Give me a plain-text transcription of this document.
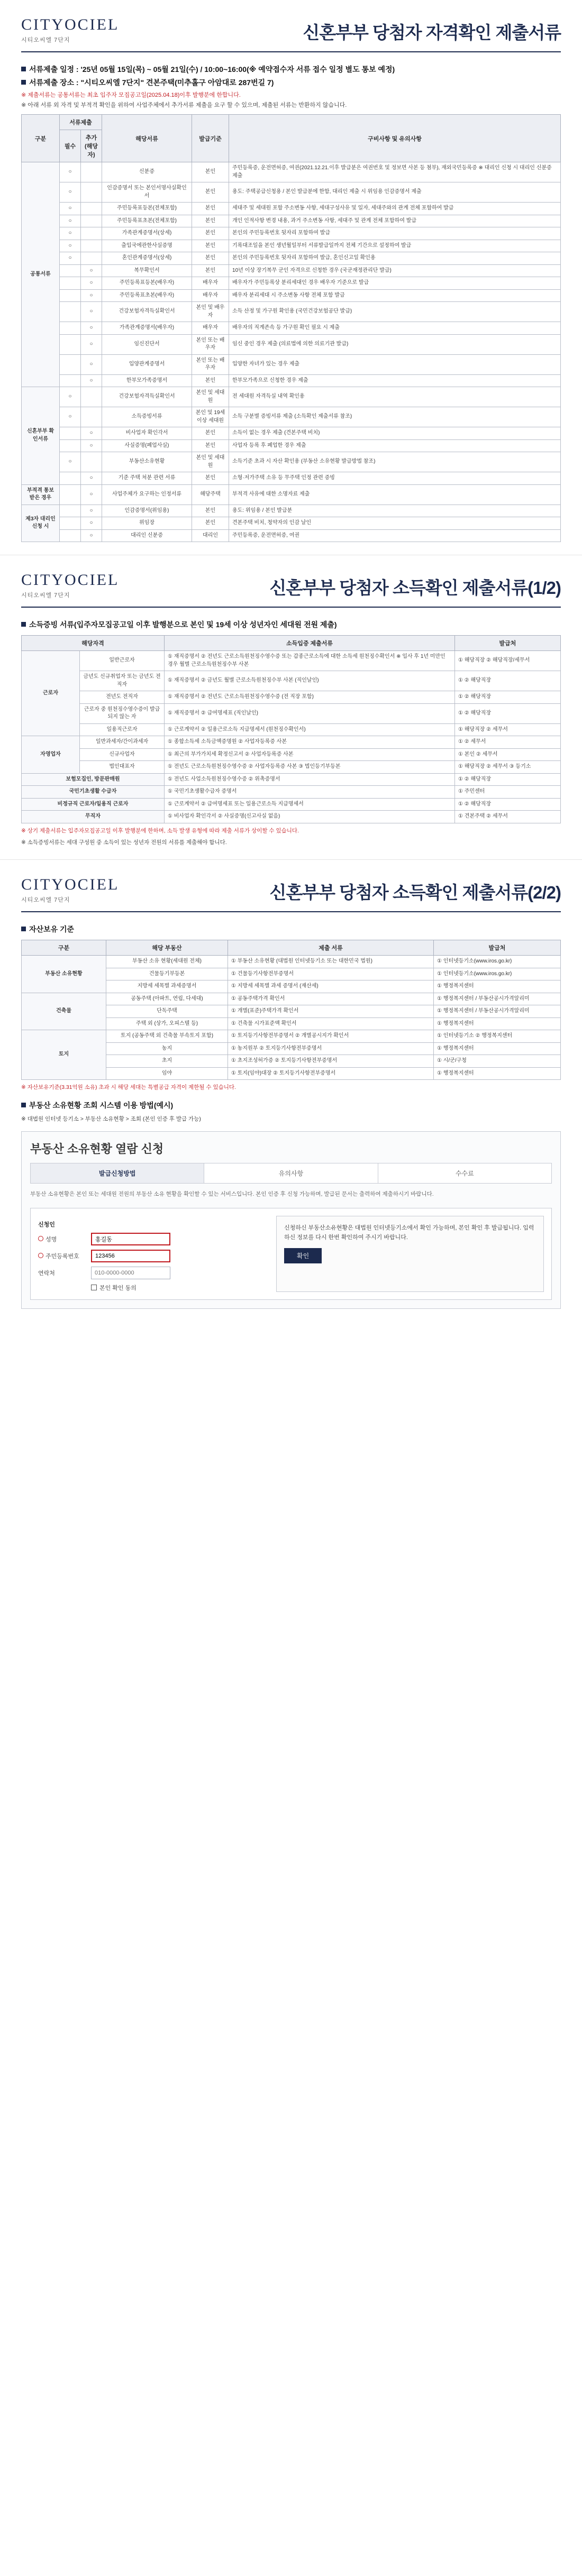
CITYOCIEL
시티오씨엘 7단지	신혼부부 당첨자 자격확인 제출서류
서류제출 일정 : '25년 05월 15일(목) ~ 05월 21일(수) / 10:00~16:00(※ 예약접수자 서류 접수 일정 별도 통보 예정)
서류제출 장소 : "시티오씨엘 7단지" 견본주택(미추홀구 아암대로 287번길 7)
※ 제출서류는 공통서류는 최초 입주자 모집공고일(2025.04.18)이후 발행분에 한합니다.
※ 아래 서류 외 자격 및 부적격 확인을 위하여 사업주체에서 추가서류 제출을 요구 할 수 있으며, 제출된 서류는 반환하지 않습니다.
구분	서류제출		해당서류	발급기준	구비사항 및 유의사항
	필수	추가 (해당자)			
공통서류	○		신분증	본인	주민등록증, 운전면허증, 여권(2021.12.21.이후 발급분은 여권번호 및 정보면 사본 등 첨부), 재외국민등록증 ※ 대리인 신청 시 대리인 신분증 제출
	○		인감증명서 또는 본인서명사실확인서	본인	용도: 주택공급신청용 / 본인 발급분에 한함, 대리인 제출 시 위임용 인감증명서 제출
	○		주민등록표등본(전체포함)	본인	세대주 및 세대원 포함 주소변동 사항, 세대구성사유 및 일자, 세대주와의 관계 전체 포함하여 발급
	○		주민등록표초본(전체포함)	본인	개인 인적사항 변경 내용, 과거 주소변동 사항, 세대주 및 관계 전체 포함하여 발급
	○		가족관계증명서(상세)	본인	본인의 주민등록번호 뒷자리 포함하여 발급
	○		출입국에관한사실증명	본인	기록대조일을 본인 생년월일부터 서류발급일까지 전체 기간으로 설정하여 발급
	○		혼인관계증명서(상세)	본인	본인의 주민등록번호 뒷자리 포함하여 발급, 혼인신고일 확인용
		○	복무확인서	본인	10년 이상 장기복무 군인 자격으로 신청한 경우 (국군재정관리단 발급)
		○	주민등록표등본(배우자)	배우자	배우자가 주민등록상 분리세대인 경우 배우자 기준으로 발급
		○	주민등록표초본(배우자)	배우자	배우자 분리세대 시 주소변동 사항 전체 포함 발급
		○	건강보험자격득실확인서	본인 및 배우자	소득 산정 및 가구원 확인용 (국민건강보험공단 발급)
		○	가족관계증명서(배우자)	배우자	배우자의 직계존속 등 가구원 확인 필요 시 제출
		○	임신진단서	본인 또는 배우자	임신 중인 경우 제출 (의료법에 의한 의료기관 발급)
		○	입양관계증명서	본인 또는 배우자	입양한 자녀가 있는 경우 제출
		○	한부모가족증명서	본인	한부모가족으로 신청한 경우 제출
신혼부부 확인서류	○		건강보험자격득실확인서	본인 및 세대원	전 세대원 자격득실 내역 확인용
	○		소득증빙서류	본인 및 19세 이상 세대원	소득 구분별 증빙서류 제출 (소득확인 제출서류 참조)
		○	비사업자 확인각서	본인	소득이 없는 경우 제출 (견본주택 비치)
		○	사실증명(폐업사실)	본인	사업자 등록 후 폐업한 경우 제출
	○		부동산소유현황	본인 및 세대원	소득기준 초과 시 자산 확인용 (부동산 소유현황 발급방법 참조)
		○	기준 주택 처분 관련 서류	본인	소형·저가주택 소유 등 무주택 인정 관련 증빙
부적격 통보 받은 경우		○	사업주체가 요구하는 인정서류	해당주택	부적격 사유에 대한 소명자료 제출
제3자 대리인 신청 시		○	인감증명서(위임용)	본인	용도: 위임용 / 본인 발급분
		○	위임장	본인	견본주택 비치, 청약자의 인감 날인
		○	대리인 신분증	대리인	주민등록증, 운전면허증, 여권
CITYOCIEL
시티오씨엘 7단지	신혼부부 당첨자 소득확인 제출서류(1/2)
소득증빙 서류(입주자모집공고일 이후 발행분으로 본인 및 19세 이상 성년자인 세대원 전원 제출)
해당자격		소득입증 제출서류	발급처
근로자	일반근로자	① 재직증명서 ② 전년도 근로소득원천징수영수증 또는 갑종근로소득에 대한 소득세 원천징수확인서 ※ 입사 후 1년 미만인 경우 월별 근로소득원천징수부 사본	① 해당직장 ② 해당직장/세무서
	금년도 신규취업자 또는 금년도 전직자	① 재직증명서 ② 금년도 월별 근로소득원천징수부 사본 (직인날인)	① ② 해당직장
	전년도 전직자	① 재직증명서 ② 전년도 근로소득원천징수영수증 (전 직장 포함)	① ② 해당직장
	근로자 중 원천징수영수증이 발급되지 않는 자	① 재직증명서 ② 급여명세표 (직인날인)	① ② 해당직장
	일용직근로자	① 근로계약서 ② 일용근로소득 지급명세서 (원천징수확인서)	① 해당직장 ② 세무서
자영업자	일반과세자/간이과세자	① 종합소득세 소득금액증명원 ② 사업자등록증 사본	① ② 세무서
	신규사업자	① 최근의 부가가치세 확정신고서 ② 사업자등록증 사본	① 본인 ② 세무서
	법인대표자	① 전년도 근로소득원천징수영수증 ② 사업자등록증 사본 ③ 법인등기부등본	① 해당직장 ② 세무서 ③ 등기소
보험모집인, 방문판매원		① 전년도 사업소득원천징수영수증 ② 위촉증명서	① ② 해당직장
국민기초생활 수급자		① 국민기초생활수급자 증명서	① 주민센터
비정규직 근로자/일용직 근로자		① 근로계약서 ② 급여명세표 또는 일용근로소득 지급명세서	① ② 해당직장
무직자		① 비사업자 확인각서 ② 사실증명(신고사실 없음)	① 견본주택 ② 세무서
※ 상기 제출서류는 입주자모집공고일 이후 발행분에 한하며, 소득 발생 유형에 따라 제출 서류가 상이할 수 있습니다.
※ 소득증빙서류는 세대 구성원 중 소득이 있는 성년자 전원의 서류를 제출해야 합니다.
CITYOCIEL
시티오씨엘 7단지	신혼부부 당첨자 소득확인 제출서류(2/2)
자산보유 기준
구분	해당 부동산	제출 서류	발급처
부동산 소유현황	부동산 소유 현황(세대원 전체)	① 부동산 소유현황 (대법원 인터넷등기소 또는 대한민국 법원)	① 인터넷등기소(www.iros.go.kr)
	건물등기부등본	① 건물등기사항전부증명서	① 인터넷등기소(www.iros.go.kr)
	지방세 세목별 과세증명서	① 지방세 세목별 과세 증명서 (재산세)	① 행정복지센터
건축물	공동주택 (아파트, 연립, 다세대)	① 공동주택가격 확인서	① 행정복지센터 / 부동산공시가격알리미
	단독주택	① 개별(표준)주택가격 확인서	① 행정복지센터 / 부동산공시가격알리미
	주택 외 (상가, 오피스텔 등)	① 건축물 시가표준액 확인서	① 행정복지센터
토지	토지 (공동주택 외 건축물 부속토지 포함)	① 토지등기사항전부증명서 ② 개별공시지가 확인서	① 인터넷등기소 ② 행정복지센터
	농지	① 농지원부 ② 토지등기사항전부증명서	① 행정복지센터
	초지	① 초지조성허가증 ② 토지등기사항전부증명서	① 시/군/구청
	임야	① 토지(임야)대장 ② 토지등기사항전부증명서	① 행정복지센터
※ 자산보유기준(3.31억원 소유) 초과 시 해당 세대는 특별공급 자격이 제한될 수 있습니다.
부동산 소유현황 조회 시스템 이용 방법(예시)
※ 대법원 인터넷 등기소 > 부동산 소유현황 > 조회 (본인 인증 후 발급 가능)
부동산 소유현황 열람 신청
발급신청방법	유의사항	수수료
부동산 소유현황은 본인 또는 세대원 전원의 부동산 소유 현황을 확인할 수 있는 서비스입니다. 본인 인증 후 신청 가능하며, 발급된 문서는 출력하여 제출하시기 바랍니다.
신청인
성명
홍길동
주민등록번호
123456
연락처
010-0000-0000
본인 확인 동의
신청하신 부동산소유현황은 대법원 인터넷등기소에서 확인 가능하며, 본인 확인 후 발급됩니다. 입력하신 정보를 다시 한번 확인하여 주시기 바랍니다.
확인
